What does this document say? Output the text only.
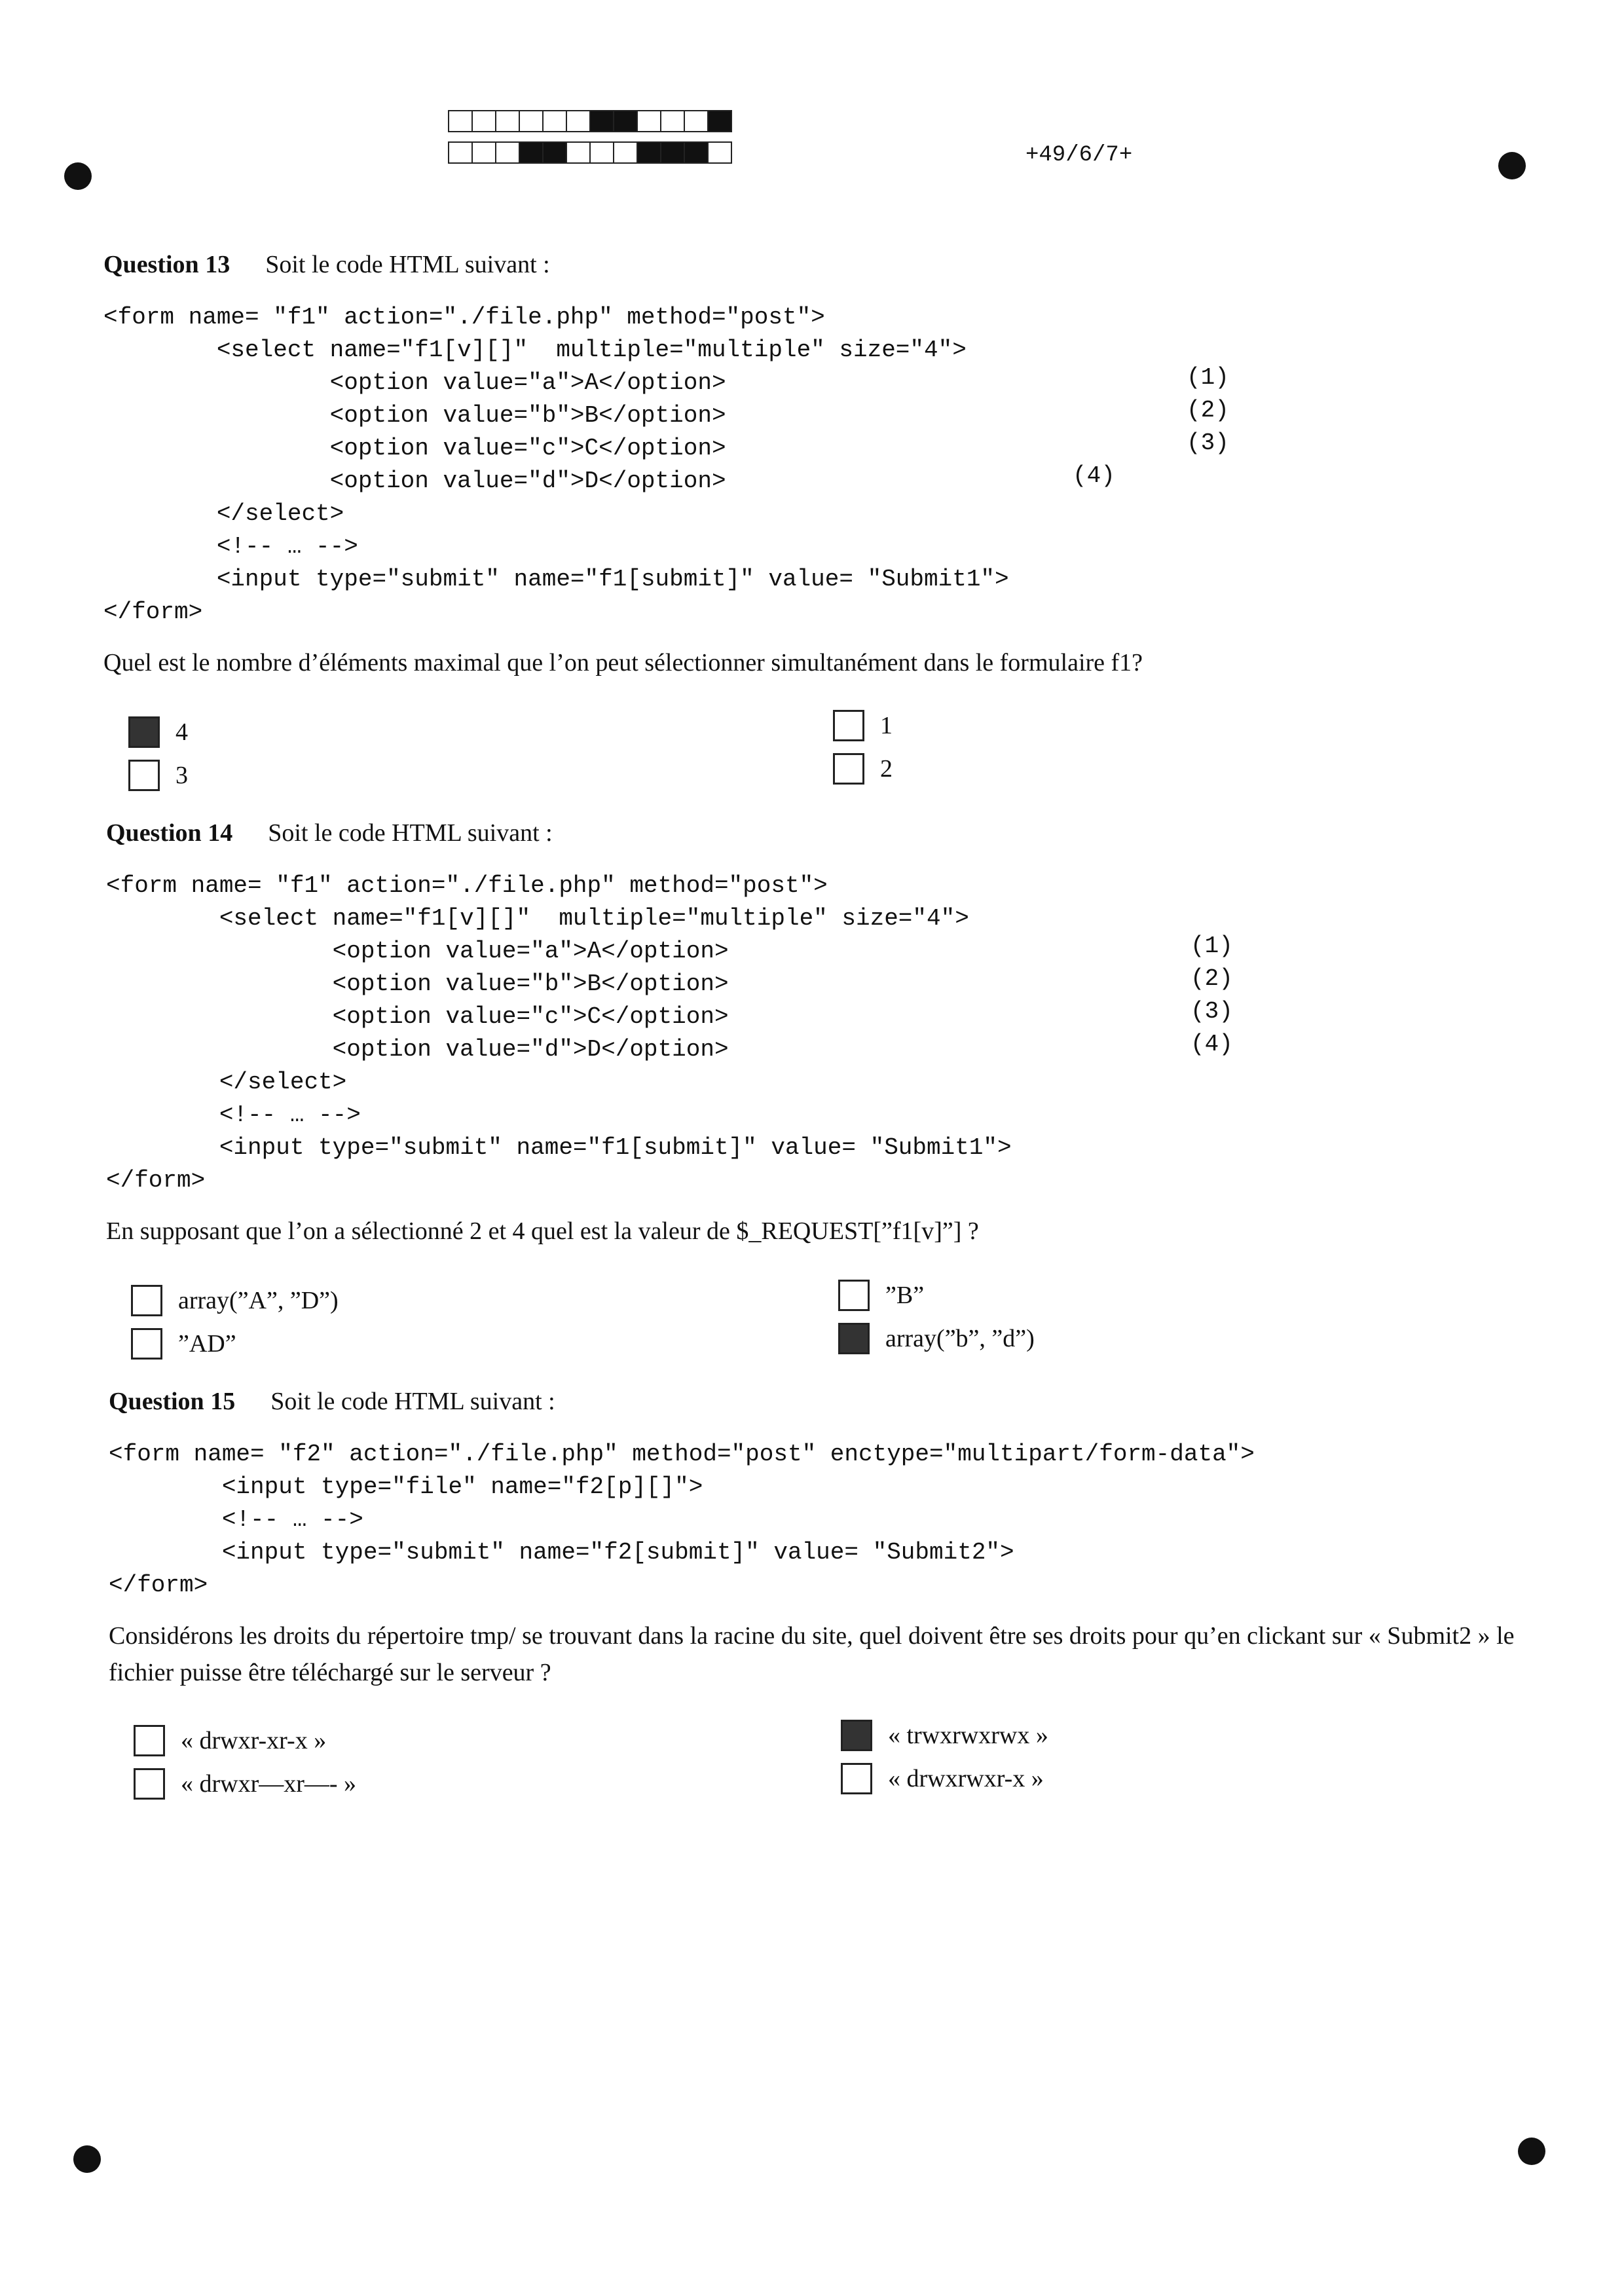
+49/6/7+
Question 13 Soit le code HTML suivant :
<form name= "f1" action="./file.php" method="post">
<select name="f1[v][]"  multiple="multiple" size="4">
<option value="a">A</option>
<option value="b">B</option>
<option value="c">C</option>
<option value="d">D</option>
</select>
<!-- … -->
<input type="submit" name="f1[submit]" value= "Submit1">
</form>
(1)
(2)
(3)
(4)
Quel est le nombre d’éléments maximal que l’on peut sélectionner simultanément dans le formulaire f1?
4
3
1
2
Question 14 Soit le code HTML suivant :
<form name= "f1" action="./file.php" method="post">
<select name="f1[v][]"  multiple="multiple" size="4">
<option value="a">A</option>
<option value="b">B</option>
<option value="c">C</option>
<option value="d">D</option>
</select>
<!-- … -->
<input type="submit" name="f1[submit]" value= "Submit1">
</form>
(1)
(2)
(3)
(4)
En supposant que l’on a sélectionné 2 et 4 quel est la valeur de $_REQUEST[”f1[v]”] ?
array(”A”, ”D”)
”AD”
”B”
array(”b”, ”d”)
Question 15 Soit le code HTML suivant :
<form name= "f2" action="./file.php" method="post" enctype="multipart/form-data">
<input type="file" name="f2[p][]">
<!-- … -->
<input type="submit" name="f2[submit]" value= "Submit2">
</form>
Considérons les droits du répertoire tmp/ se trouvant dans la racine du site, quel doivent être ses droits pour qu’en clickant sur « Submit2 » le fichier puisse être téléchargé sur le serveur ?
« drwxr-xr-x »
« drwxr—xr—- »
« trwxrwxrwx »
« drwxrwxr-x »
